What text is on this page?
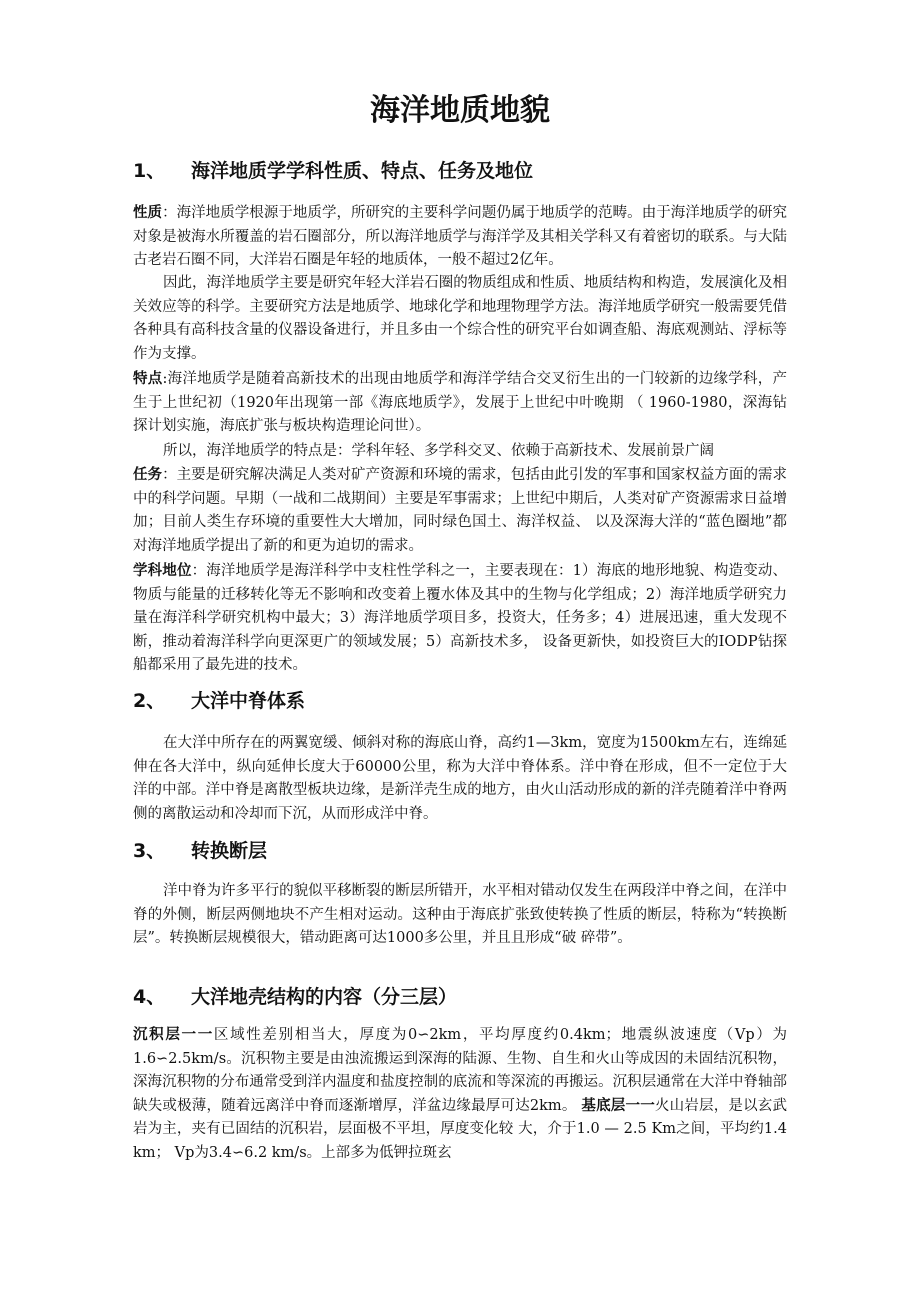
海洋地质地貌
1、 海洋地质学学科性质、特点、任务及地位

性质：海洋地质学根源于地质学，所研究的主要科学问题仍属于地质学的范畴。由于海洋地质学的研究对象是被海水所覆盖的岩石圈部分，所以海洋地质学与海洋学及其相关学科又有着密切的联系。与大陆古老岩石圈不同，大洋岩石圈是年轻的地质体，一般不超过2亿年。

因此，海洋地质学主要是研究年轻大洋岩石圈的物质组成和性质、地质结构和构造，发展演化及相关效应等的科学。主要研究方法是地质学、地球化学和地理物理学方法。海洋地质学研究一般需要凭借各种具有高科技含量的仪器设备进行，并且多由一个综合性的研究平台如调查船、海底观测站、浮标等作为支撑。

特点:海洋地质学是随着高新技术的出现由地质学和海洋学结合交叉衍生出的一门较新的边缘学科，产生于上世纪初（1920年出现第一部《海底地质学》，发展于上世纪中叶晚期 （ 1960-1980，深海钻探计划实施，海底扩张与板块构造理论问世）。

所以，海洋地质学的特点是：学科年轻、多学科交叉、依赖于高新技术、发展前景广阔

任务：主要是研究解决满足人类对矿产资源和环境的需求，包括由此引发的军事和国家权益方面的需求中的科学问题。早期（一战和二战期间）主要是军事需求；上世纪中期后，人类对矿产资源需求日益增加；目前人类生存环境的重要性大大增加，同时绿色国土、海洋权益、 以及深海大洋的“蓝色圈地”都对海洋地质学提出了新的和更为迫切的需求。

学科地位：海洋地质学是海洋科学中支柱性学科之一，主要表现在：1）海底的地形地貌、构造变动、物质与能量的迁移转化等无不影响和改变着上覆水体及其中的生物与化学组成；2）海洋地质学研究力量在海洋科学研究机构中最大；3）海洋地质学项目多，投资大，任务多；4）进展迅速，重大发现不断，推动着海洋科学向更深更广的领域发展；5）高新技术多， 设备更新快，如投资巨大的IODP钻探船都采用了最先进的技术。

2、 大洋中脊体系

在大洋中所存在的两翼宽缓、倾斜对称的海底山脊，高约1—3km，宽度为1500km左右，连绵延伸在各大洋中，纵向延伸长度大于60000公里，称为大洋中脊体系。洋中脊在形成，但不一定位于大洋的中部。洋中脊是离散型板块边缘，是新洋壳生成的地方，由火山活动形成的新的洋壳随着洋中脊两侧的离散运动和冷却而下沉，从而形成洋中脊。

3、 转换断层

洋中脊为许多平行的貌似平移断裂的断层所错开，水平相对错动仅发生在两段洋中脊之间，在洋中脊的外侧，断层两侧地块不产生相对运动。这种由于海底扩张致使转换了性质的断层，特称为“转换断层”。转换断层规模很大，错动距离可达1000多公里，并且且形成“破 碎带”。

4、 大洋地壳结构的内容（分三层）

沉积层一一区域性差别相当大，厚度为0∽2km，平均厚度约0.4km；地震纵波速度（Vp）为1.6∽2.5km/s。沉积物主要是由浊流搬运到深海的陆源、生物、自生和火山等成因的未固结沉积物，深海沉积物的分布通常受到洋内温度和盐度控制的底流和等深流的再搬运。沉积层通常在大洋中脊轴部缺失或极薄，随着远离洋中脊而逐渐增厚，洋盆边缘最厚可达2km。 基底层一一火山岩层，是以玄武岩为主，夹有已固结的沉积岩，层面极不平坦，厚度变化较 大，介于1.0 — 2.5 Km之间，平均约1.4 km； Vp为3.4∽6.2 km/s。上部多为低钾拉斑玄
